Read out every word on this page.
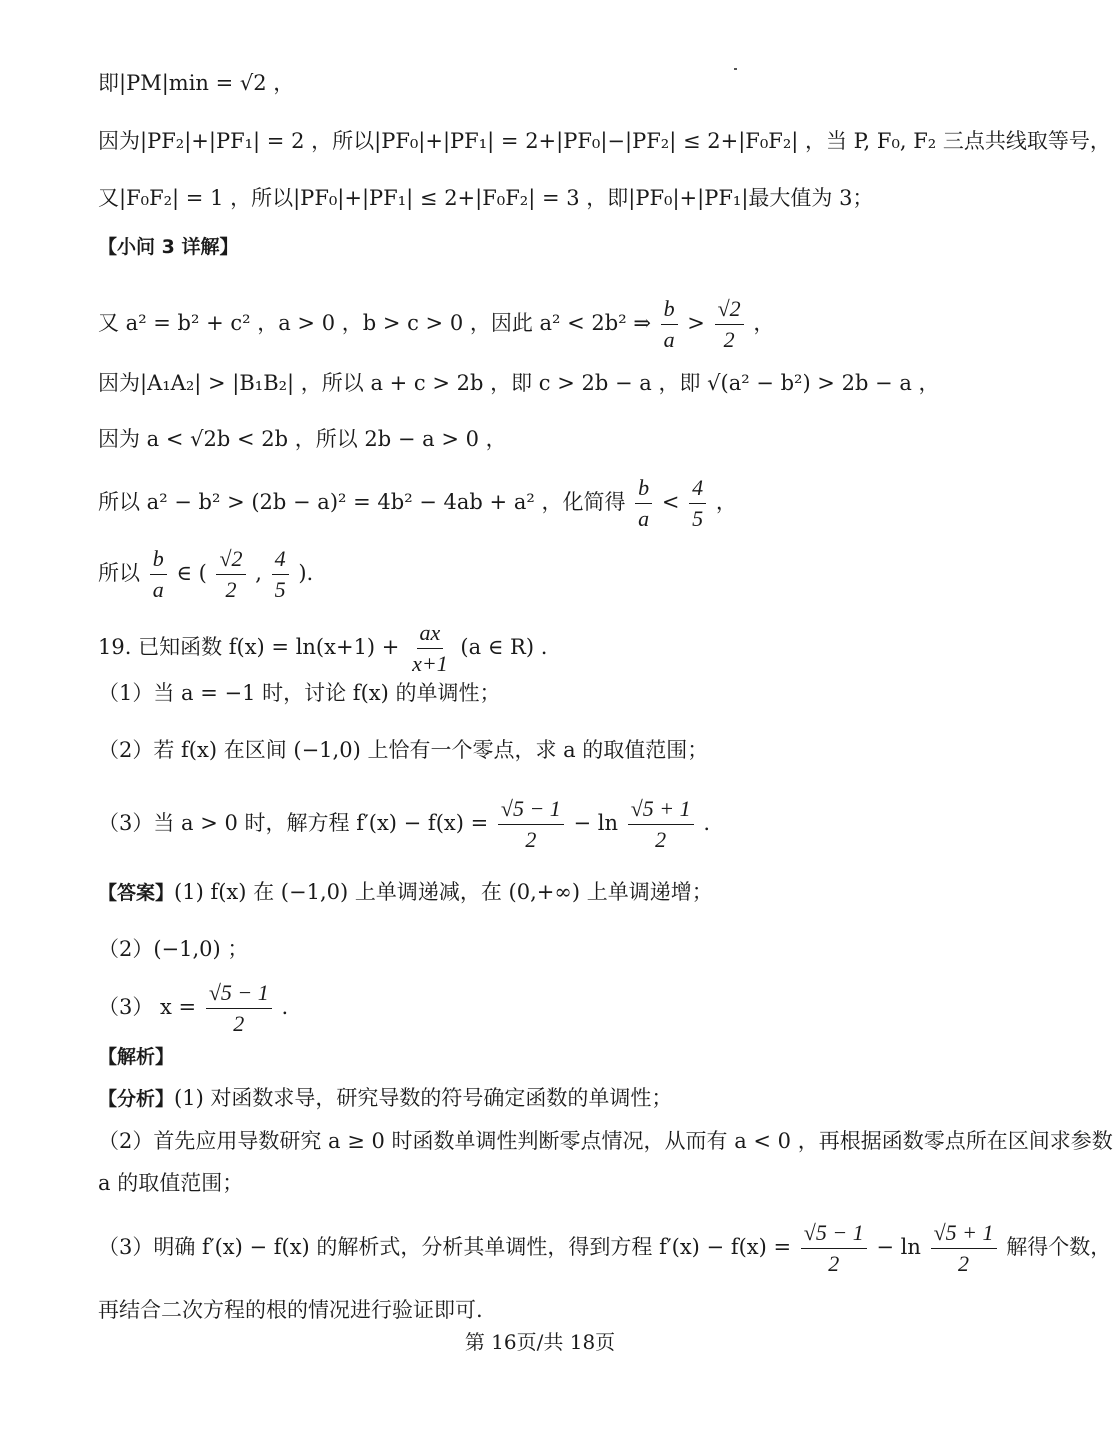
即|PM|min = √2 ，
因为|PF₂|+|PF₁| = 2 ，所以|PF₀|+|PF₁| = 2+|PF₀|−|PF₂| ≤ 2+|F₀F₂| ，当 P, F₀, F₂ 三点共线取等号，
又|F₀F₂| = 1 ，所以|PF₀|+|PF₁| ≤ 2+|F₀F₂| = 3 ，即|PF₀|+|PF₁|最大值为 3；
【小问 3 详解】
又 a² = b² + c² ，a > 0 ，b > c > 0 ，因此 a² < 2b² ⇒ $\frac{b}{a} > \frac{√2}{2}$ ，
因为|A₁A₂| > |B₁B₂| ，所以 a + c > 2b ，即 c > 2b − a ，即 √(a² − b²) > 2b − a ，
因为 a < √2b < 2b ，所以 2b − a > 0 ，
所以 a² − b² > (2b − a)² = 4b² − 4ab + a² ，化简得 $\frac{b}{a} < \frac{4}{5}$ ，
所以 $\frac{b}{a}$ ∈ ( $\frac{√2}{2}$ , $\frac{4}{5}$ ).
19. 已知函数 $f(x) = \ln(x+1) + \frac{ax}{x+1} (a$ ∈ R) .
（1）当 a = −1 时，讨论 f(x) 的单调性；
（2）若 f(x) 在区间 (−1,0) 上恰有一个零点，求 a 的取值范围；
（3）当 a > 0 时，解方程 $f'(x) - f(x) = \frac{√5 - 1}{2} - \ln \frac{√5 + 1}{2}$ .
【答案】(1) f(x) 在 (−1,0) 上单调递减，在 (0,+∞) 上单调递增；
（2）(−1,0) ；
（3） $x = \frac{√5 - 1}{2}$ .
【解析】
【分析】(1) 对函数求导，研究导数的符号确定函数的单调性；
（2）首先应用导数研究 a ≥ 0 时函数单调性判断零点情况，从而有 a < 0 ，再根据函数零点所在区间求参数
a 的取值范围；
（3）明确 f′(x) − f(x) 的解析式，分析其单调性，得到方程 $f'(x) - f(x) = \frac{√5 - 1}{2} - \ln \frac{√5 + 1}{2}$ 解得个数，
再结合二次方程的根的情况进行验证即可.
第 16页/共 18页
